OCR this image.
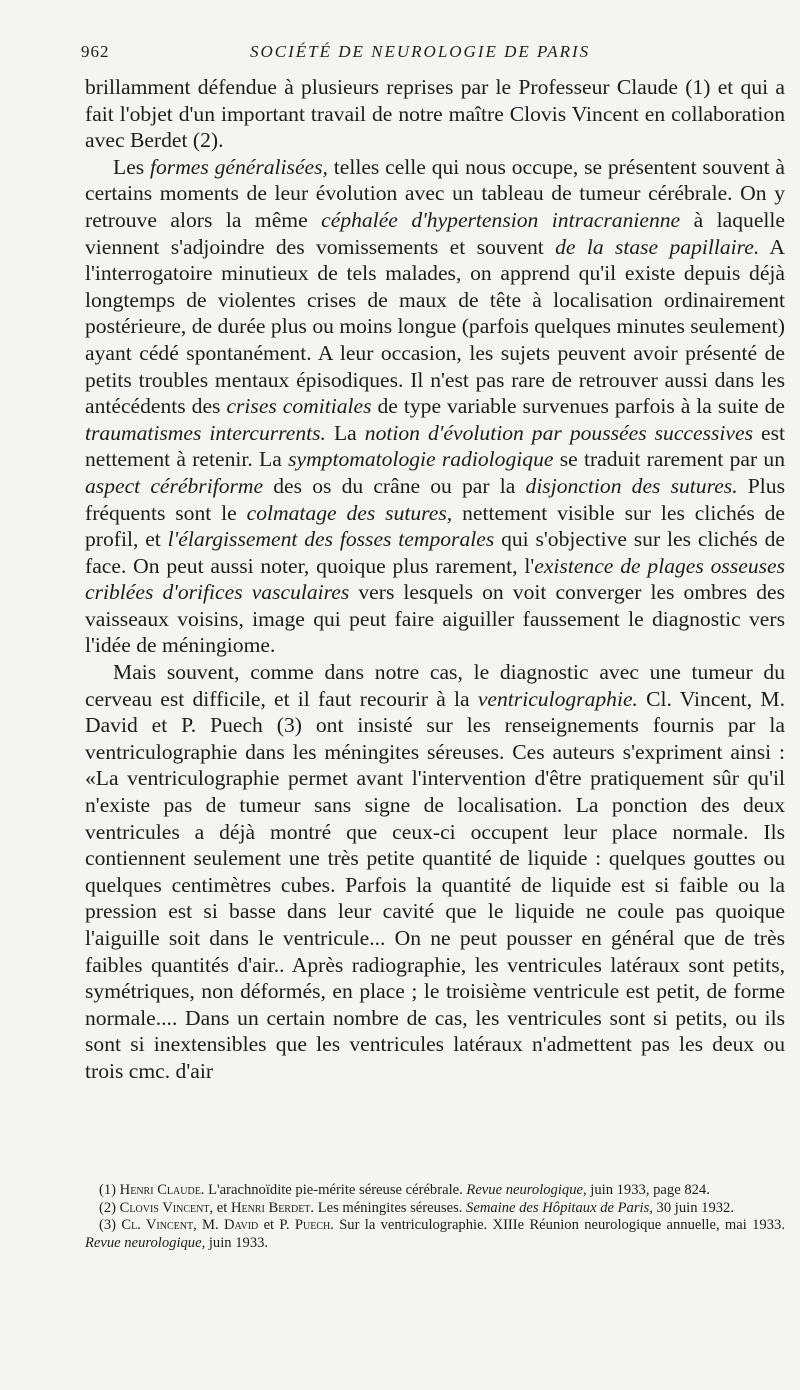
962	SOCIÉTÉ DE NEUROLOGIE DE PARIS

brillamment défendue à plusieurs reprises par le Professeur Claude (1) et qui a fait l'objet d'un important travail de notre maître Clovis Vincent en collaboration avec Berdet (2).

Les formes généralisées, telles celle qui nous occupe, se présentent souvent à certains moments de leur évolution avec un tableau de tumeur cérébrale. On y retrouve alors la même céphalée d'hypertension intracranienne à laquelle viennent s'adjoindre des vomissements et souvent de la stase papillaire. A l'interrogatoire minutieux de tels malades, on apprend qu'il existe depuis déjà longtemps de violentes crises de maux de tête à localisation ordinairement postérieure, de durée plus ou moins longue (parfois quelques minutes seulement) ayant cédé spontanément. A leur occasion, les sujets peuvent avoir présenté de petits troubles mentaux épisodiques. Il n'est pas rare de retrouver aussi dans les antécédents des crises comitiales de type variable survenues parfois à la suite de traumatismes intercurrents. La notion d'évolution par poussées successives est nettement à retenir. La symptomatologie radiologique se traduit rarement par un aspect cérébriforme des os du crâne ou par la disjonction des sutures. Plus fréquents sont le colmatage des sutures, nettement visible sur les clichés de profil, et l'élargissement des fosses temporales qui s'objective sur les clichés de face. On peut aussi noter, quoique plus rarement, l'existence de plages osseuses criblées d'orifices vasculaires vers lesquels on voit converger les ombres des vaisseaux voisins, image qui peut faire aiguiller faussement le diagnostic vers l'idée de méningiome.

Mais souvent, comme dans notre cas, le diagnostic avec une tumeur du cerveau est difficile, et il faut recourir à la ventriculographie. Cl. Vincent, M. David et P. Puech (3) ont insisté sur les renseignements fournis par la ventriculographie dans les méningites séreuses. Ces auteurs s'expriment ainsi : «La ventriculographie permet avant l'intervention d'être pratiquement sûr qu'il n'existe pas de tumeur sans signe de localisation. La ponction des deux ventricules a déjà montré que ceux-ci occupent leur place normale. Ils contiennent seulement une très petite quantité de liquide : quelques gouttes ou quelques centimètres cubes. Parfois la quantité de liquide est si faible ou la pression est si basse dans leur cavité que le liquide ne coule pas quoique l'aiguille soit dans le ventricule... On ne peut pousser en général que de très faibles quantités d'air.. Après radiographie, les ventricules latéraux sont petits, symétriques, non déformés, en place ; le troisième ventricule est petit, de forme normale.... Dans un certain nombre de cas, les ventricules sont si petits, ou ils sont si inextensibles que les ventricules latéraux n'admettent pas les deux ou trois cmc. d'air

(1) Henri Claude. L'arachnoïdite pie-mérite séreuse cérébrale. Revue neurologique, juin 1933, page 824.

(2) Clovis Vincent, et Henri Berdet. Les méningites séreuses. Semaine des Hôpitaux de Paris, 30 juin 1932.

(3) Cl. Vincent, M. David et P. Puech. Sur la ventriculographie. XIIIe Réunion neurologique annuelle, mai 1933. Revue neurologique, juin 1933.
